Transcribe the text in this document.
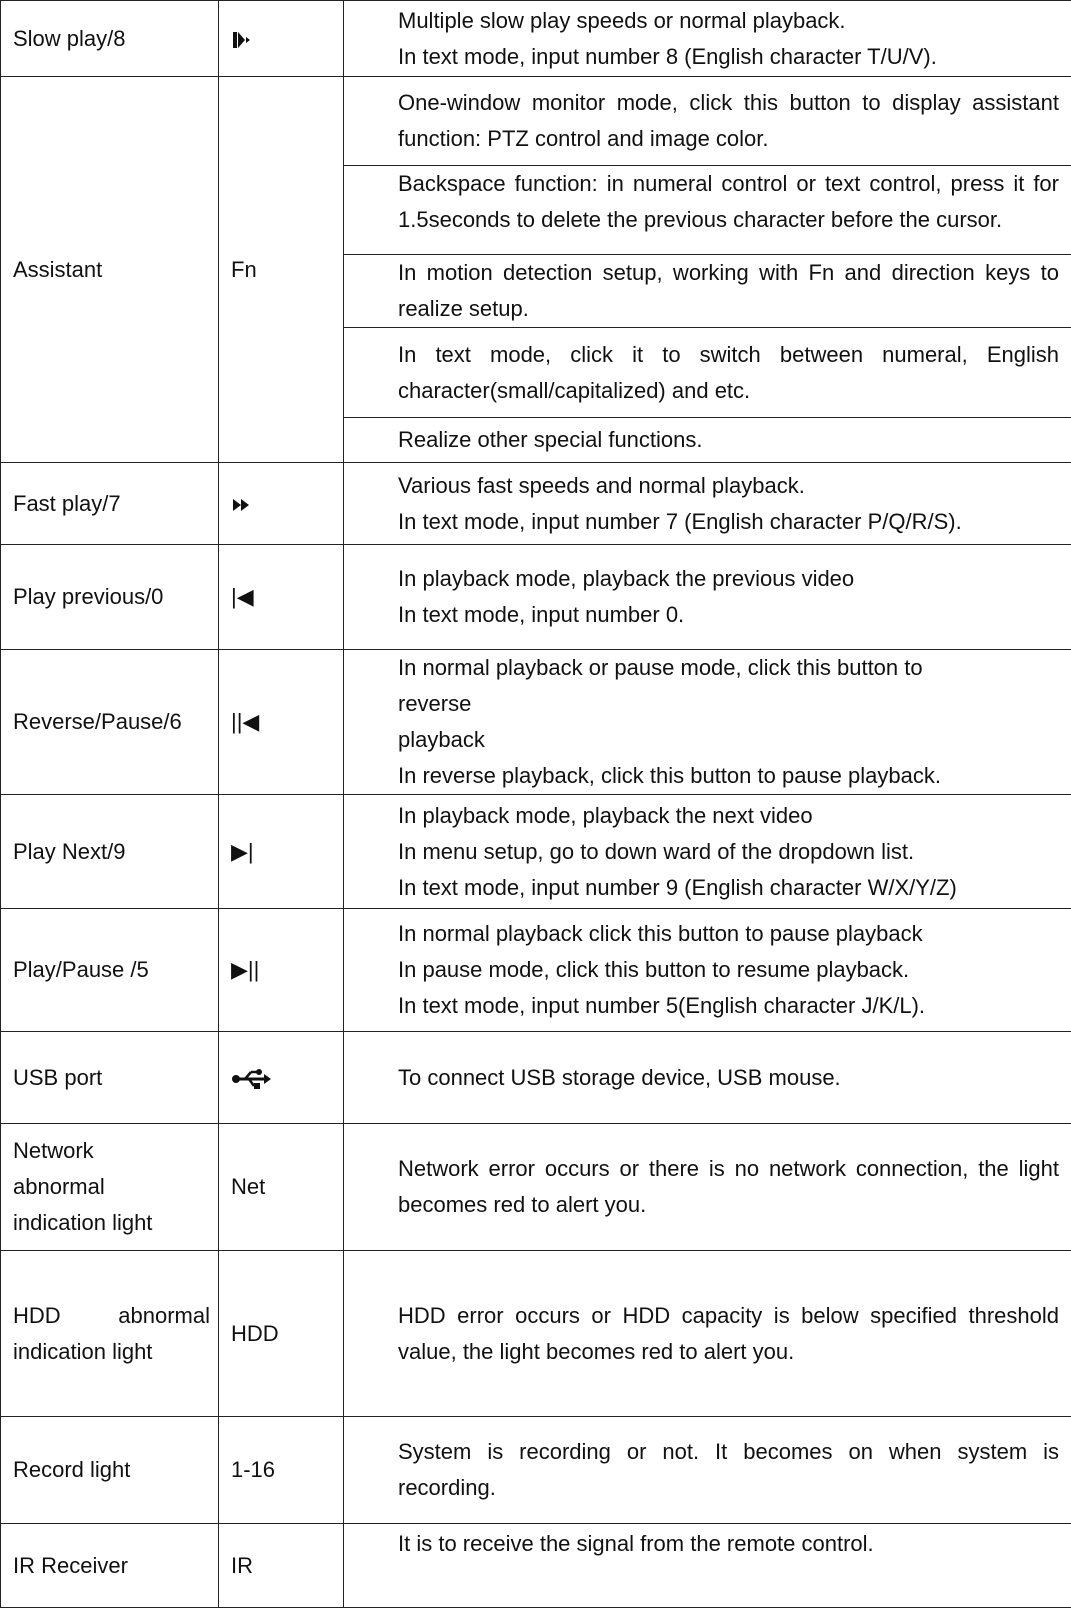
Slow play/8		Multiple slow play speeds or normal playback.
In text mode, input number 8 (English character T/U/V).

Assistant	Fn	One-window monitor mode, click this button to display assistant function: PTZ control and image color.

		Backspace function: in numeral control or text control, press it for 1.5seconds to delete the previous character before the cursor.

		In motion detection setup, working with Fn and direction keys to realize setup.
		In text mode, click it to switch between numeral, English character(small/capitalized) and etc.
		Realize other special functions.
Fast play/7		Various fast speeds and normal playback.
In text mode, input number 7 (English character P/Q/R/S).

Play previous/0	|◀	In playback mode, playback the previous video
In text mode, input number 0.

Reverse/Pause/6	||◀	In normal playback or pause mode, click this button to
reverse
playback
In reverse playback, click this button to pause playback.

Play Next/9	▶|	In playback mode, playback the next video
In menu setup, go to down ward of the dropdown list.
In text mode, input number 9 (English character W/X/Y/Z)

Play/Pause /5	▶||	In normal playback click this button to pause playback
In pause mode, click this button to resume playback.
In text mode, input number 5(English character J/K/L).

USB port		To connect USB storage device, USB mouse.

Network
abnormal
indication light	Net	Network error occurs or there is no network connection, the light becomes red to alert you.

HDD abnormal
indication light	HDD	HDD error occurs or HDD capacity is below specified threshold value, the light becomes red to alert you.
Record light	1-16	System is recording or not. It becomes on when system is recording.
IR Receiver	IR	It is to receive the signal from the remote control.
